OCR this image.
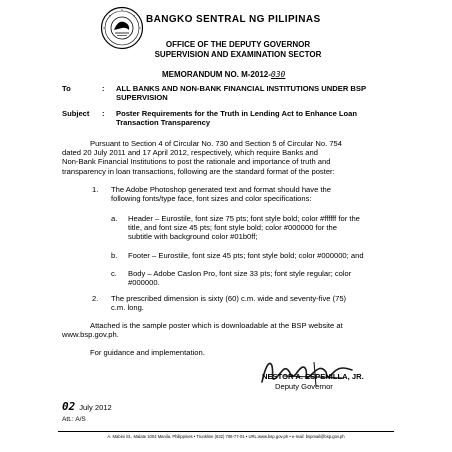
BANGKO SENTRAL NG PILIPINAS
OFFICE OF THE DEPUTY GOVERNOR
SUPERVISION AND EXAMINATION SECTOR
MEMORANDUM NO. M-2012-030
To	: ALL BANKS AND NON-BANK FINANCIAL INSTITUTIONS UNDER BSP
SUPERVISION
Subject : Poster Requirements for the Truth in Lending Act to Enhance Loan
Transaction Transparency
Pursuant to Section 4 of Circular No. 730 and Section 5 of Circular No. 754
dated 20 July 2011 and 17 April 2012, respectively, which require Banks and
Non-Bank Financial Institutions to post the rationale and importance of truth and
transparency in loan transactions, following are the standard format of the poster:
1. The Adobe Photoshop generated text and format should have the
following fonts/type face, font sizes and color specifications:
a. Header – Eurostile, font size 75 pts; font style bold; color #ffffff for the
title, and font size 45 pts; font style bold; color #000000 for the
subtitle with background color #01b0ff;
b. Footer – Eurostile, font size 45 pts; font style bold; color #000000; and
c. Body – Adobe Caslon Pro, font size 33 pts; font style regular; color
#000000.
2. The prescribed dimension is sixty (60) c.m. wide and seventy-five (75)
c.m. long.
Attached is the sample poster which is downloadable at the BSP website at
www.bsp.gov.ph.
For guidance and implementation.
NESTOR A. ESPENILLA, JR.
Deputy Governor
02 July 2012
Att.: A/S
A. Mabini St., Malate 1004 Manila, Philippines • Trunkline (632) 708-77-01 • URL:www.bsp.gov.ph • e-mail: bspmail@bsp.gov.ph
